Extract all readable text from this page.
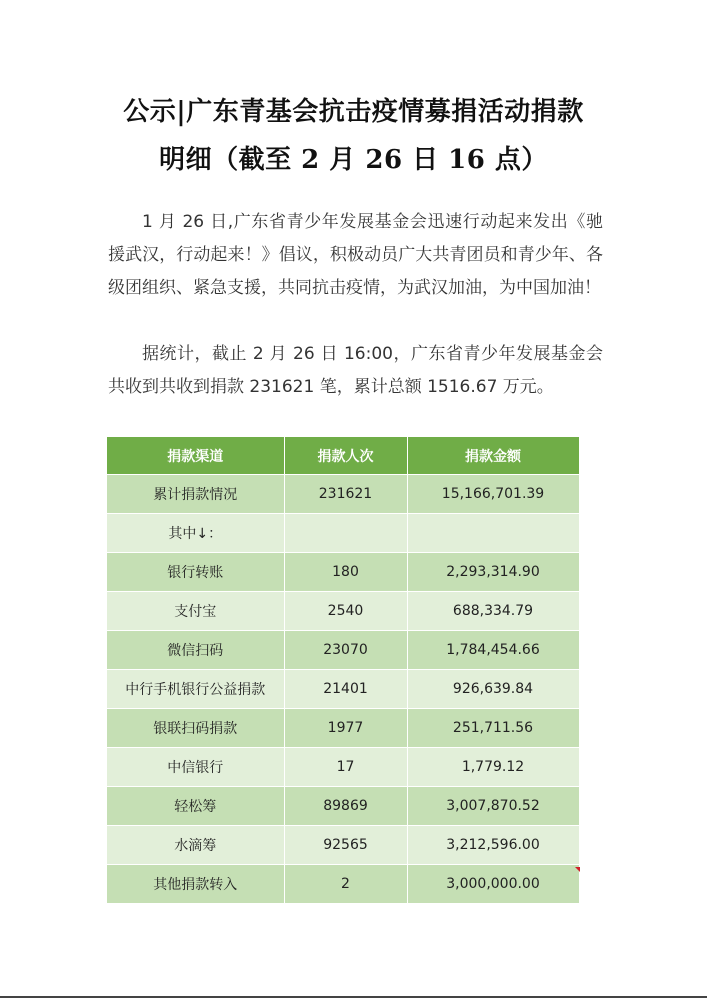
公示|广东青基会抗击疫情募捐活动捐款
明细（截至 2 月 26 日 16 点）

1 月 26 日,广东省青少年发展基金会迅速行动起来发出《驰援武汉，行动起来！》倡议，积极动员广大共青团员和青少年、各级团组织、紧急支援，共同抗击疫情，为武汉加油，为中国加油！

据统计，截止 2 月 26 日 16:00，广东省青少年发展基金会共收到共收到捐款 231621 笔，累计总额 1516.67 万元。

捐款渠道	捐款人次	捐款金额
累计捐款情况	231621	15,166,701.39
其中↓：		
银行转账	180	2,293,314.90
支付宝	2540	688,334.79
微信扫码	23070	1,784,454.66
中行手机银行公益捐款	21401	926,639.84
银联扫码捐款	1977	251,711.56
中信银行	17	1,779.12
轻松筹	89869	3,007,870.52
水滴筹	92565	3,212,596.00
其他捐款转入	2	3,000,000.00
